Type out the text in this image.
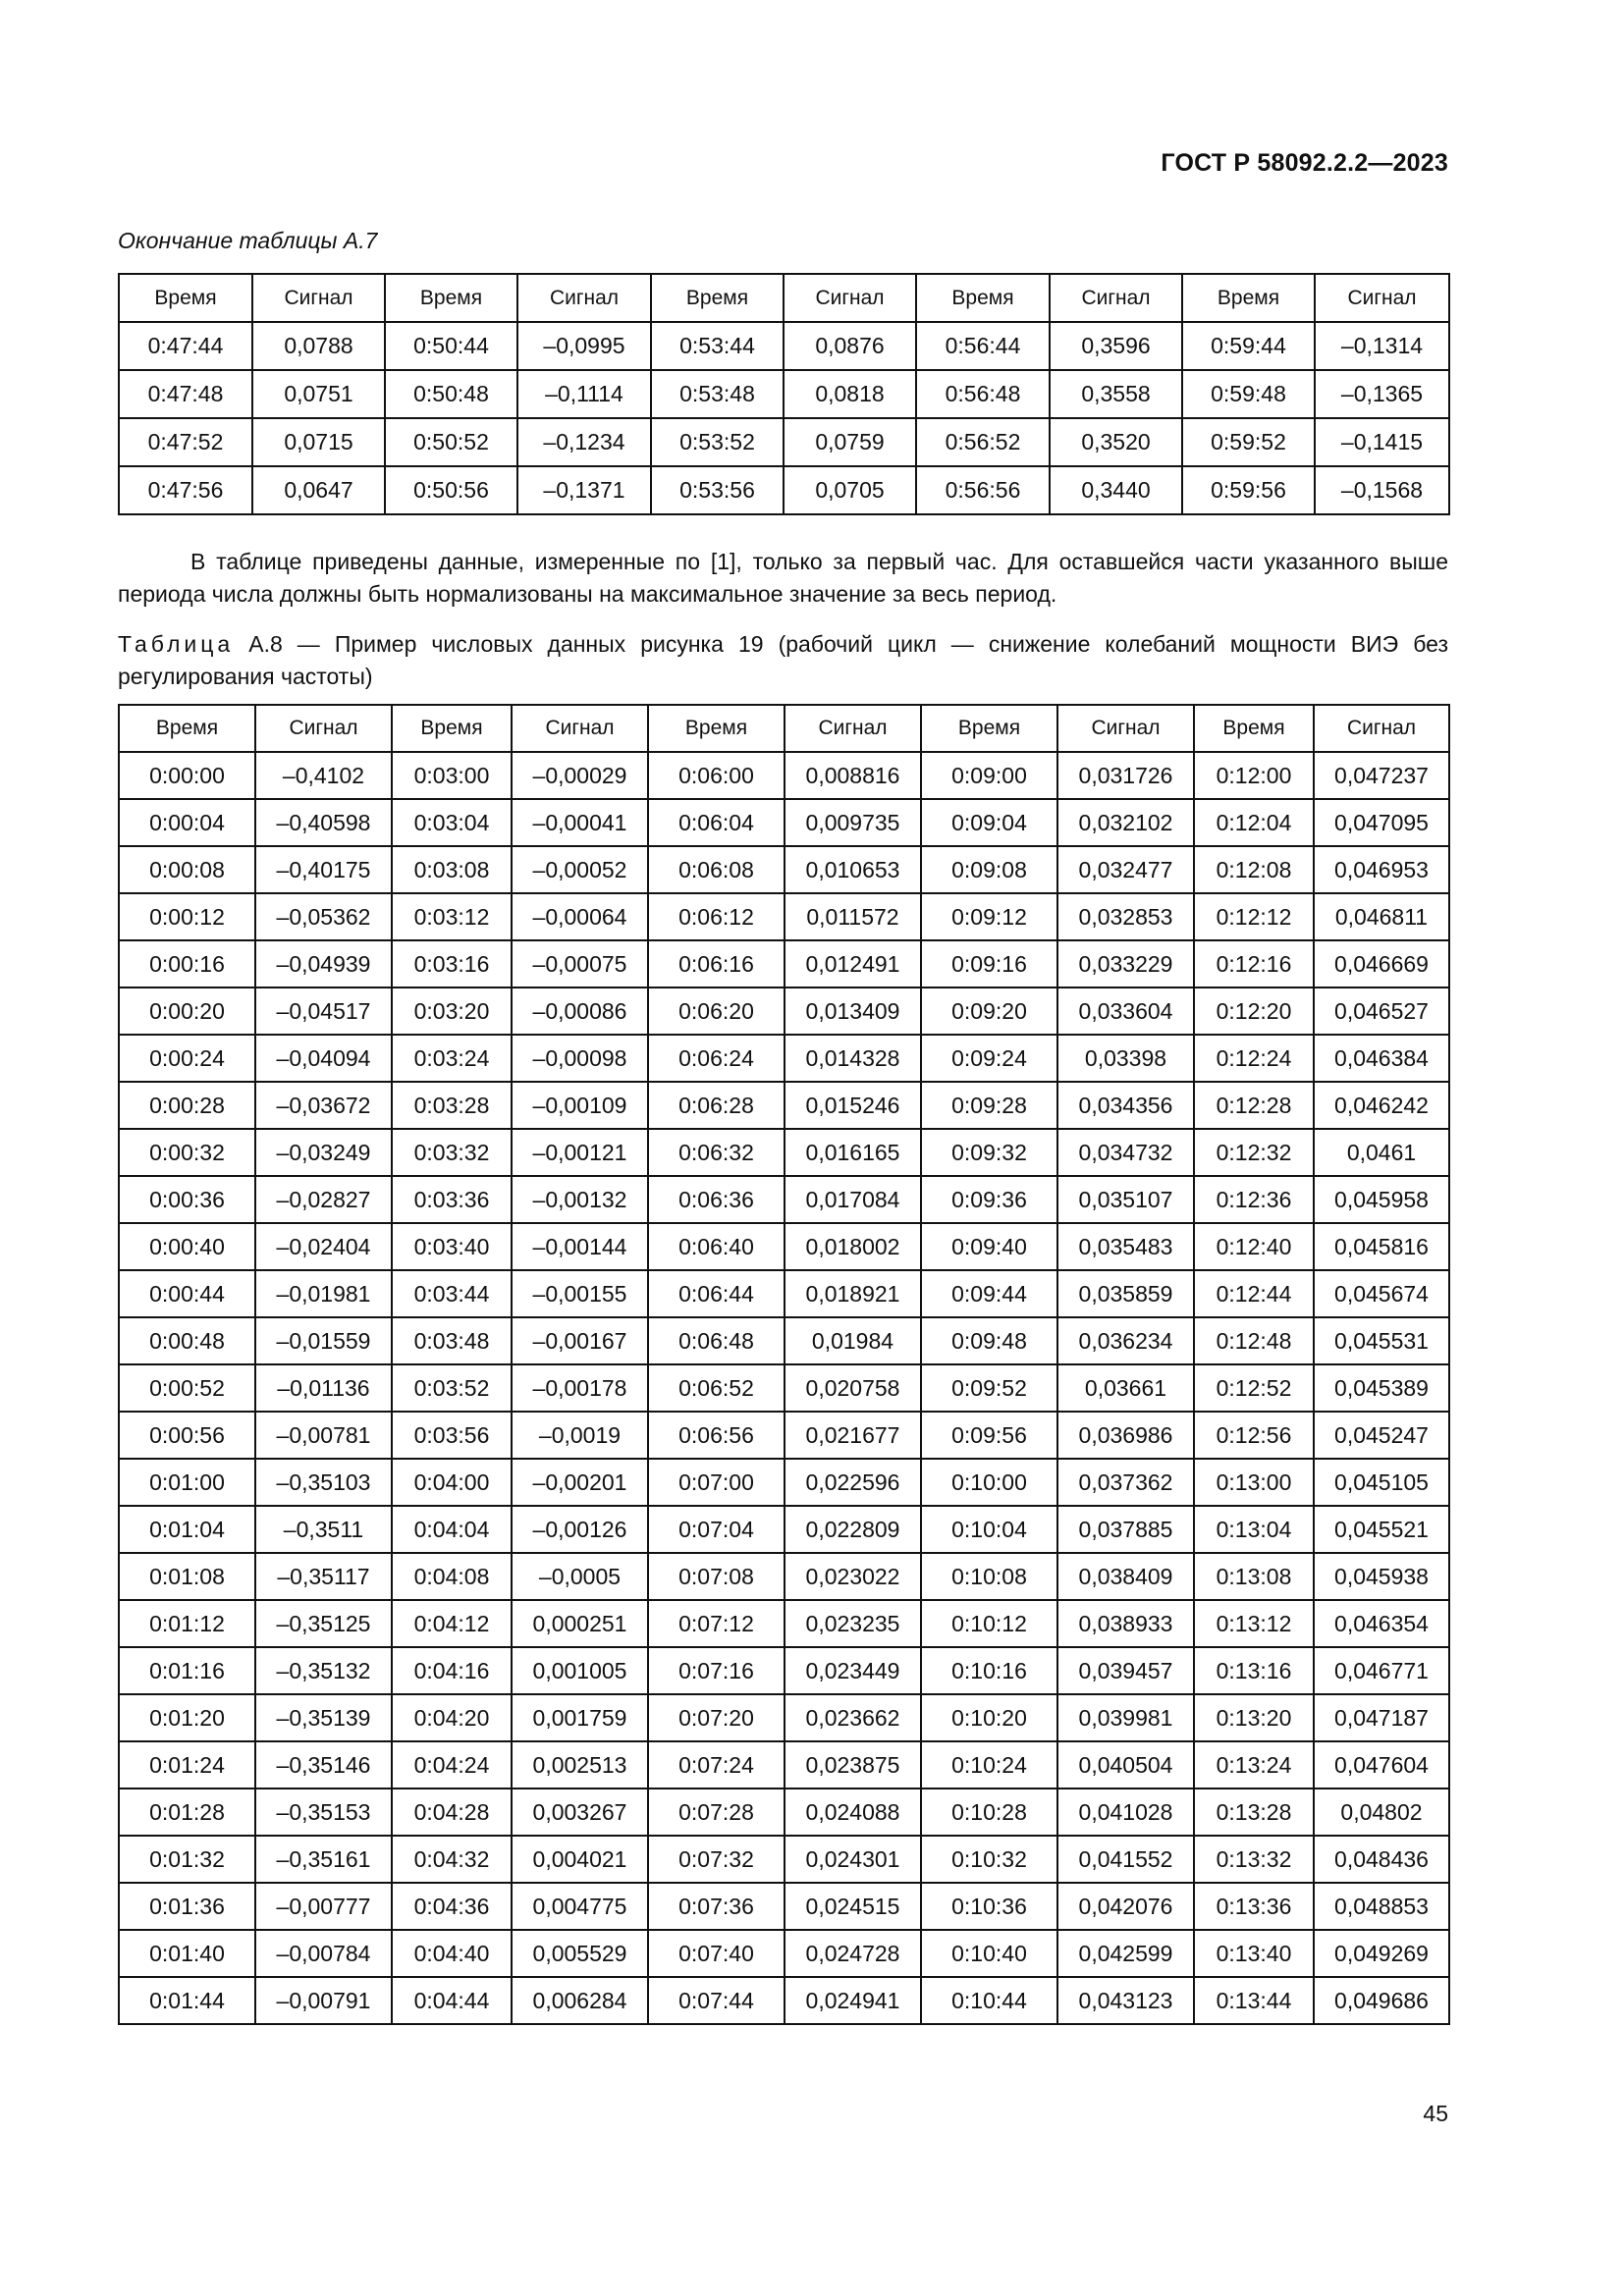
ГОСТ Р 58092.2.2—2023
Окончание таблицы А.7
Время	Сигнал	Время	Сигнал	Время	Сигнал	Время	Сигнал	Время	Сигнал
0:47:44	0,0788	0:50:44	–0,0995	0:53:44	0,0876	0:56:44	0,3596	0:59:44	–0,1314
0:47:48	0,0751	0:50:48	–0,1114	0:53:48	0,0818	0:56:48	0,3558	0:59:48	–0,1365
0:47:52	0,0715	0:50:52	–0,1234	0:53:52	0,0759	0:56:52	0,3520	0:59:52	–0,1415
0:47:56	0,0647	0:50:56	–0,1371	0:53:56	0,0705	0:56:56	0,3440	0:59:56	–0,1568
В таблице приведены данные, измеренные по [1], только за первый час. Для оставшейся части указанного выше периода числа должны быть нормализованы на максимальное значение за весь период.
Таблица А.8 — Пример числовых данных рисунка 19 (рабочий цикл — снижение колебаний мощности ВИЭ без регулирования частоты)
Время	Сигнал	Время	Сигнал	Время	Сигнал	Время	Сигнал	Время	Сигнал
0:00:00	–0,4102	0:03:00	–0,00029	0:06:00	0,008816	0:09:00	0,031726	0:12:00	0,047237
0:00:04	–0,40598	0:03:04	–0,00041	0:06:04	0,009735	0:09:04	0,032102	0:12:04	0,047095
0:00:08	–0,40175	0:03:08	–0,00052	0:06:08	0,010653	0:09:08	0,032477	0:12:08	0,046953
0:00:12	–0,05362	0:03:12	–0,00064	0:06:12	0,011572	0:09:12	0,032853	0:12:12	0,046811
0:00:16	–0,04939	0:03:16	–0,00075	0:06:16	0,012491	0:09:16	0,033229	0:12:16	0,046669
0:00:20	–0,04517	0:03:20	–0,00086	0:06:20	0,013409	0:09:20	0,033604	0:12:20	0,046527
0:00:24	–0,04094	0:03:24	–0,00098	0:06:24	0,014328	0:09:24	0,03398	0:12:24	0,046384
0:00:28	–0,03672	0:03:28	–0,00109	0:06:28	0,015246	0:09:28	0,034356	0:12:28	0,046242
0:00:32	–0,03249	0:03:32	–0,00121	0:06:32	0,016165	0:09:32	0,034732	0:12:32	0,0461
0:00:36	–0,02827	0:03:36	–0,00132	0:06:36	0,017084	0:09:36	0,035107	0:12:36	0,045958
0:00:40	–0,02404	0:03:40	–0,00144	0:06:40	0,018002	0:09:40	0,035483	0:12:40	0,045816
0:00:44	–0,01981	0:03:44	–0,00155	0:06:44	0,018921	0:09:44	0,035859	0:12:44	0,045674
0:00:48	–0,01559	0:03:48	–0,00167	0:06:48	0,01984	0:09:48	0,036234	0:12:48	0,045531
0:00:52	–0,01136	0:03:52	–0,00178	0:06:52	0,020758	0:09:52	0,03661	0:12:52	0,045389
0:00:56	–0,00781	0:03:56	–0,0019	0:06:56	0,021677	0:09:56	0,036986	0:12:56	0,045247
0:01:00	–0,35103	0:04:00	–0,00201	0:07:00	0,022596	0:10:00	0,037362	0:13:00	0,045105
0:01:04	–0,3511	0:04:04	–0,00126	0:07:04	0,022809	0:10:04	0,037885	0:13:04	0,045521
0:01:08	–0,35117	0:04:08	–0,0005	0:07:08	0,023022	0:10:08	0,038409	0:13:08	0,045938
0:01:12	–0,35125	0:04:12	0,000251	0:07:12	0,023235	0:10:12	0,038933	0:13:12	0,046354
0:01:16	–0,35132	0:04:16	0,001005	0:07:16	0,023449	0:10:16	0,039457	0:13:16	0,046771
0:01:20	–0,35139	0:04:20	0,001759	0:07:20	0,023662	0:10:20	0,039981	0:13:20	0,047187
0:01:24	–0,35146	0:04:24	0,002513	0:07:24	0,023875	0:10:24	0,040504	0:13:24	0,047604
0:01:28	–0,35153	0:04:28	0,003267	0:07:28	0,024088	0:10:28	0,041028	0:13:28	0,04802
0:01:32	–0,35161	0:04:32	0,004021	0:07:32	0,024301	0:10:32	0,041552	0:13:32	0,048436
0:01:36	–0,00777	0:04:36	0,004775	0:07:36	0,024515	0:10:36	0,042076	0:13:36	0,048853
0:01:40	–0,00784	0:04:40	0,005529	0:07:40	0,024728	0:10:40	0,042599	0:13:40	0,049269
0:01:44	–0,00791	0:04:44	0,006284	0:07:44	0,024941	0:10:44	0,043123	0:13:44	0,049686
45
